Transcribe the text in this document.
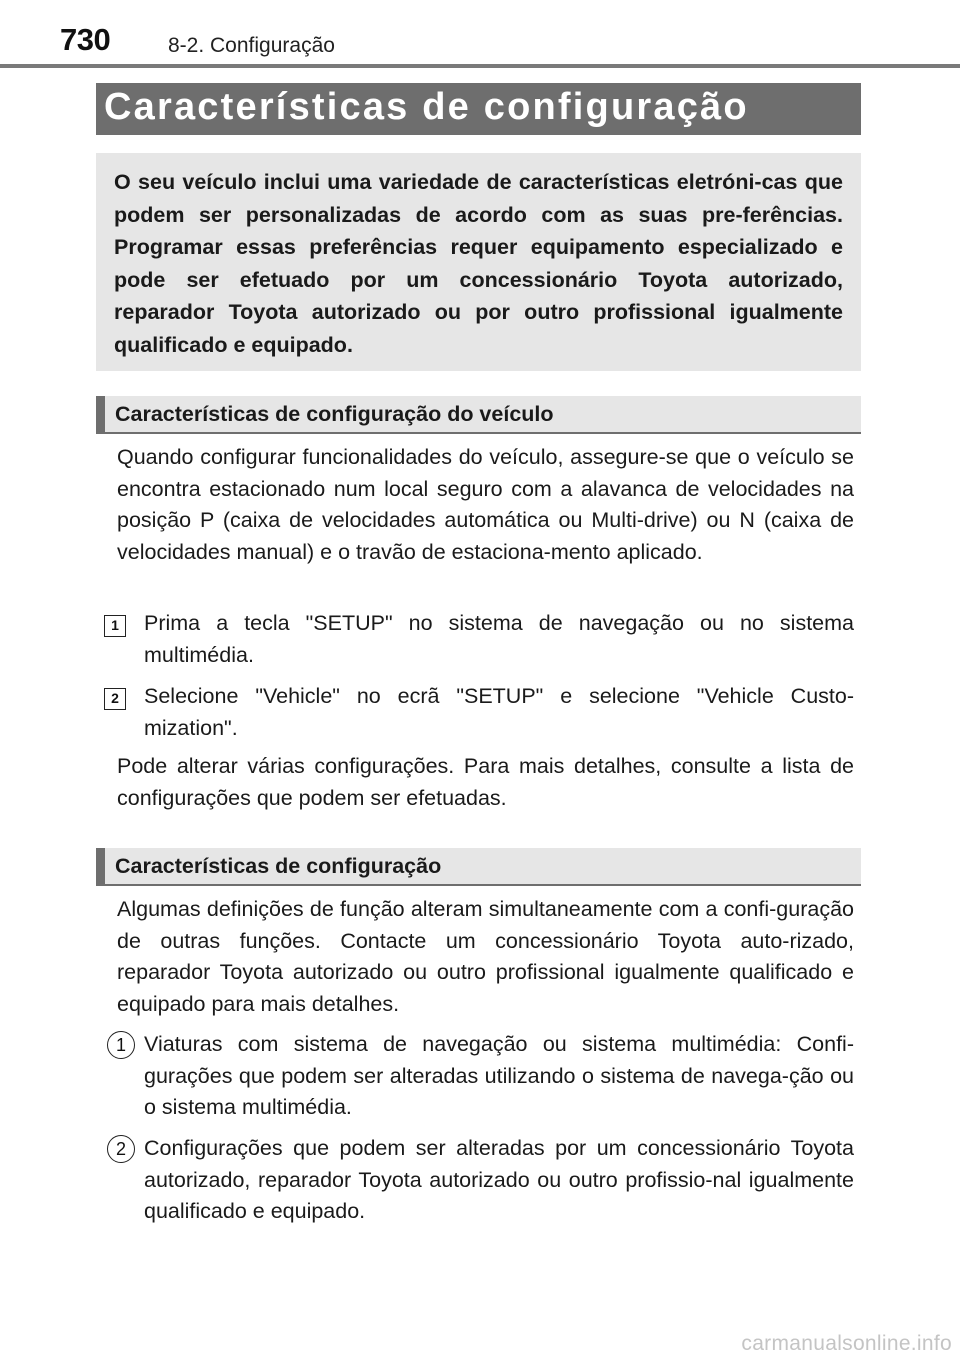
730	8-2. Configuração
Características de configuração

O seu veículo inclui uma variedade de características eletróni-cas que podem ser personalizadas de acordo com as suas pre-ferências. Programar essas preferências requer equipamento especializado e pode ser efetuado por um concessionário Toyota autorizado, reparador Toyota autorizado ou por outro profissional igualmente qualificado e equipado.

Características de configuração do veículo

Quando configurar funcionalidades do veículo, assegure-se que o veículo se encontra estacionado num local seguro com a alavanca de velocidades na posição P (caixa de velocidades automática ou Multi-drive) ou N (caixa de velocidades manual) e o travão de estaciona-mento aplicado.

1	Prima a tecla "SETUP" no sistema de navegação ou no sistema multimédia.

2	Selecione "Vehicle" no ecrã "SETUP" e selecione "Vehicle Custo-mization".

Pode alterar várias configurações. Para mais detalhes, consulte a lista de configurações que podem ser efetuadas.

Características de configuração

Algumas definições de função alteram simultaneamente com a confi-guração de outras funções. Contacte um concessionário Toyota auto-rizado, reparador Toyota autorizado ou outro profissional igualmente qualificado e equipado para mais detalhes.

1 Viaturas com sistema de navegação ou sistema multimédia: Confi-gurações que podem ser alteradas utilizando o sistema de navega-ção ou o sistema multimédia.

2 Configurações que podem ser alteradas por um concessionário Toyota autorizado, reparador Toyota autorizado ou outro profissio-nal igualmente qualificado e equipado.

carmanualsonline.info
